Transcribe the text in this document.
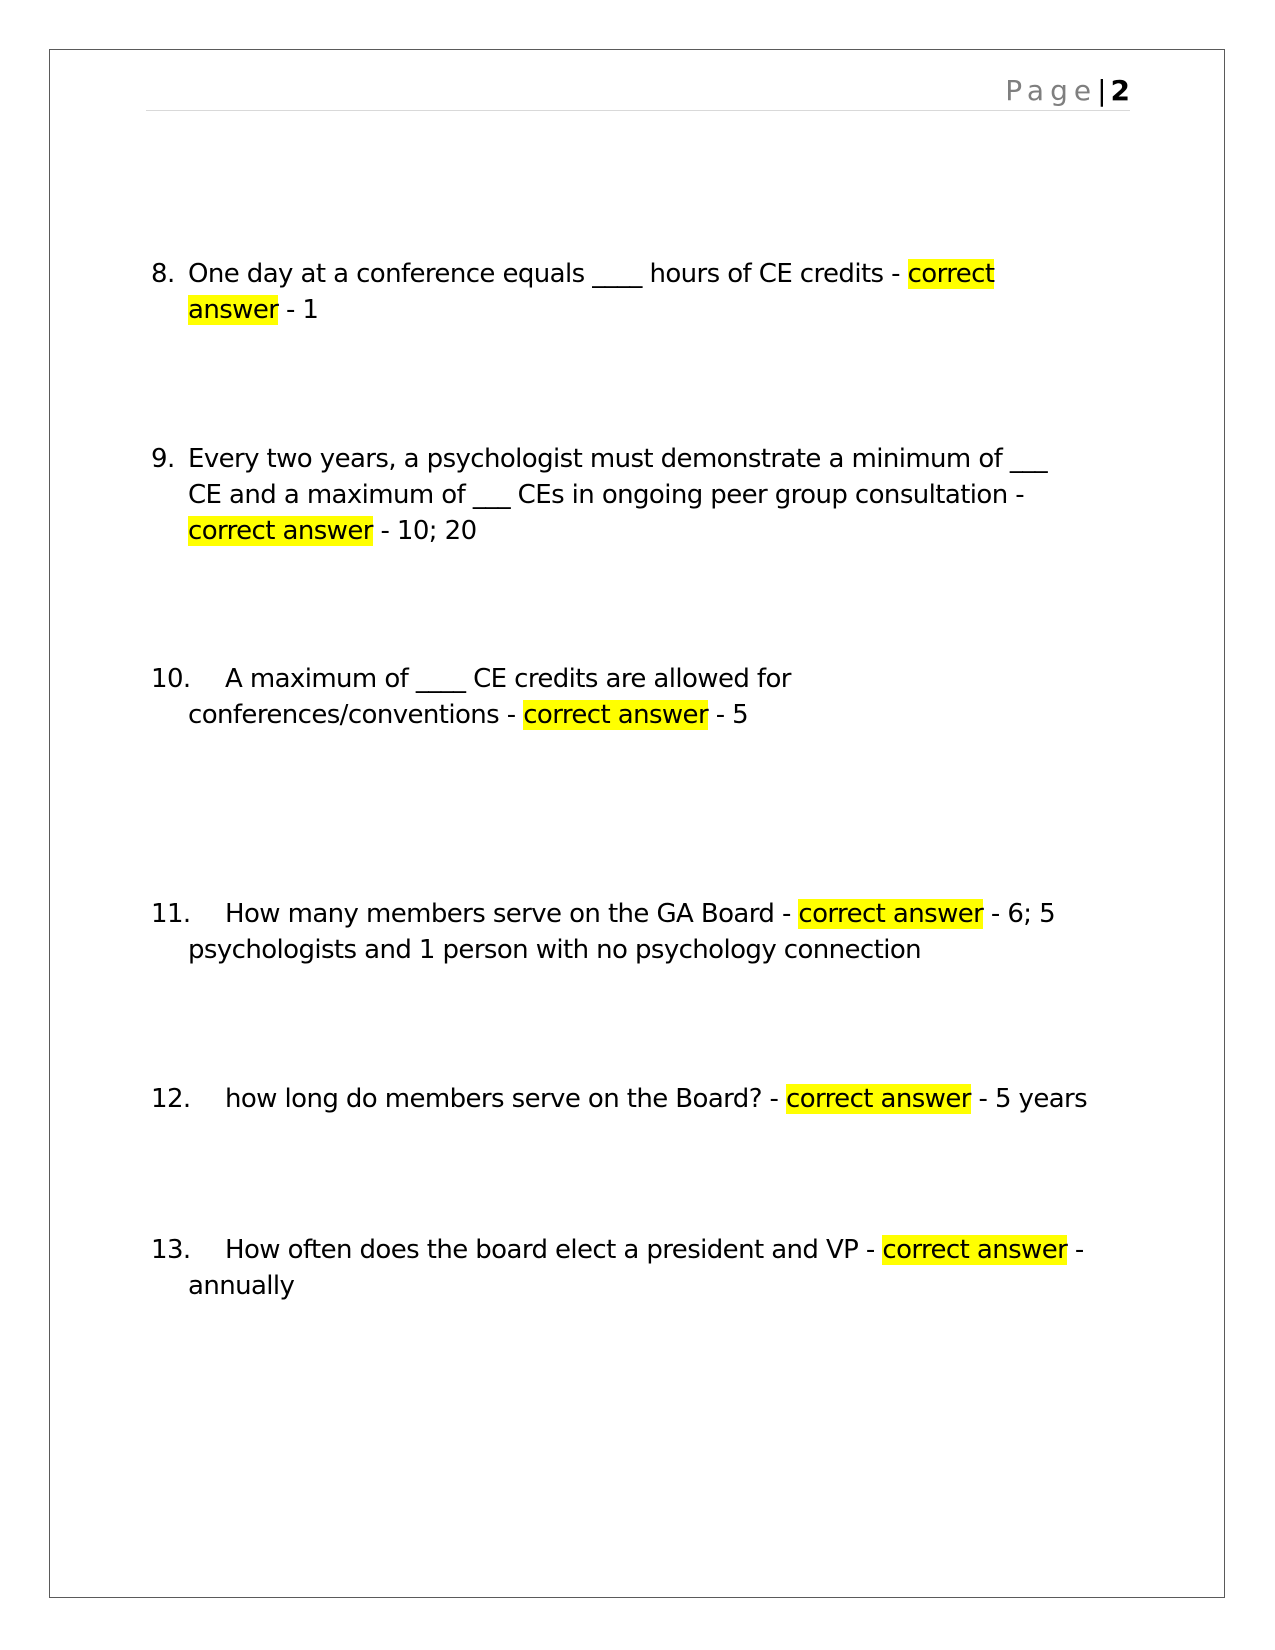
Page| 2
8. One day at a conference equals ____ hours of CE credits - correct
answer - 1
9. Every two years, a psychologist must demonstrate a minimum of ___
CE and a maximum of ___ CEs in ongoing peer group consultation -
correct answer - 10; 20
10. A maximum of ____ CE credits are allowed for
conferences/conventions - correct answer - 5
11. How many members serve on the GA Board - correct answer - 6; 5
psychologists and 1 person with no psychology connection
12. how long do members serve on the Board? - correct answer - 5 years
13. How often does the board elect a president and VP - correct answer -
annually
